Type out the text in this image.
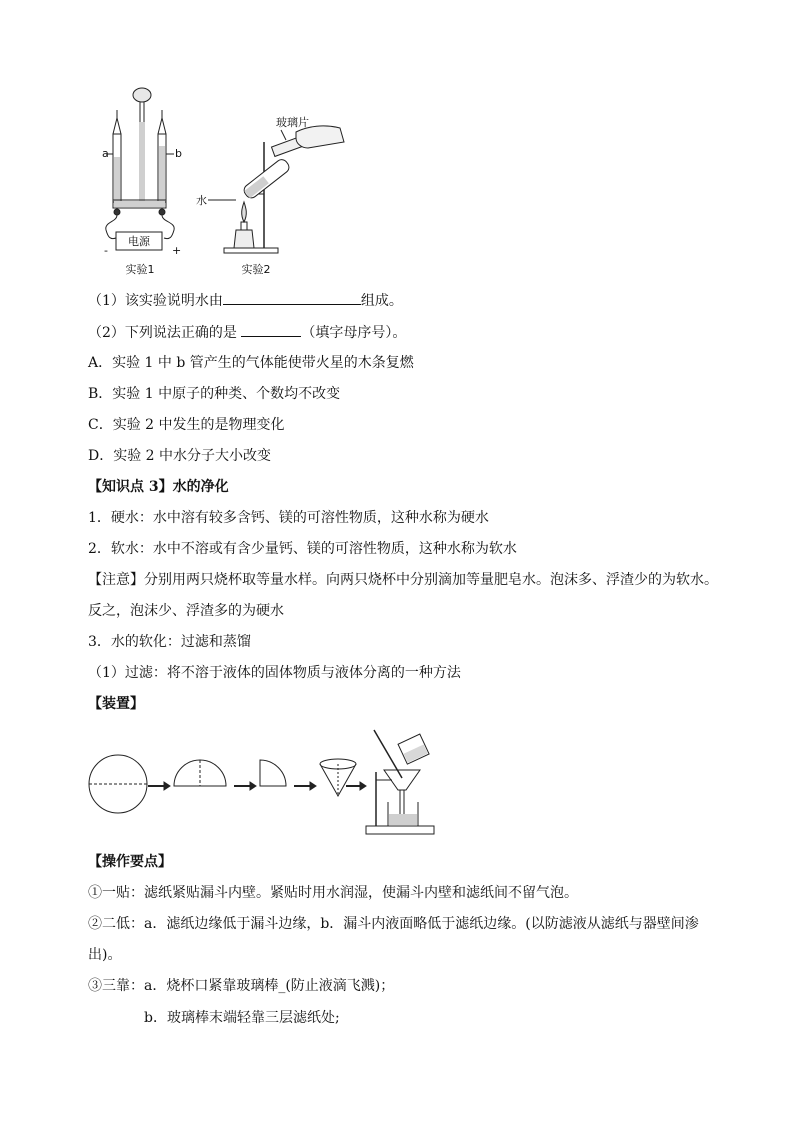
a	b
电源
-	+
实验1
玻璃片
水
实验2
（1）该实验说明水由	组成。
（2）下列说法正确的是	（填字母序号）。
A．实验 1 中 b 管产生的气体能使带火星的木条复燃
B．实验 1 中原子的种类、个数均不改变
C．实验 2 中发生的是物理变化
D．实验 2 中水分子大小改变
【知识点 3】水的净化
1．硬水：水中溶有较多含钙、镁的可溶性物质，这种水称为硬水
2．软水：水中不溶或有含少量钙、镁的可溶性物质，这种水称为软水
【注意】分别用两只烧杯取等量水样。向两只烧杯中分别滴加等量肥皂水。泡沫多、浮渣少的为软水。
反之，泡沫少、浮渣多的为硬水
3．水的软化：过滤和蒸馏
（1）过滤：将不溶于液体的固体物质与液体分离的一种方法
【装置】
【操作要点】
①一贴：滤纸紧贴漏斗内壁。紧贴时用水润湿，使漏斗内壁和滤纸间不留气泡。
②二低：a．滤纸边缘低于漏斗边缘，b．漏斗内液面略低于滤纸边缘。(以防滤液从滤纸与器壁间渗
出)。
③三靠：a．烧杯口紧靠玻璃棒_(防止液滴飞溅)；
b．玻璃棒末端轻靠三层滤纸处;
